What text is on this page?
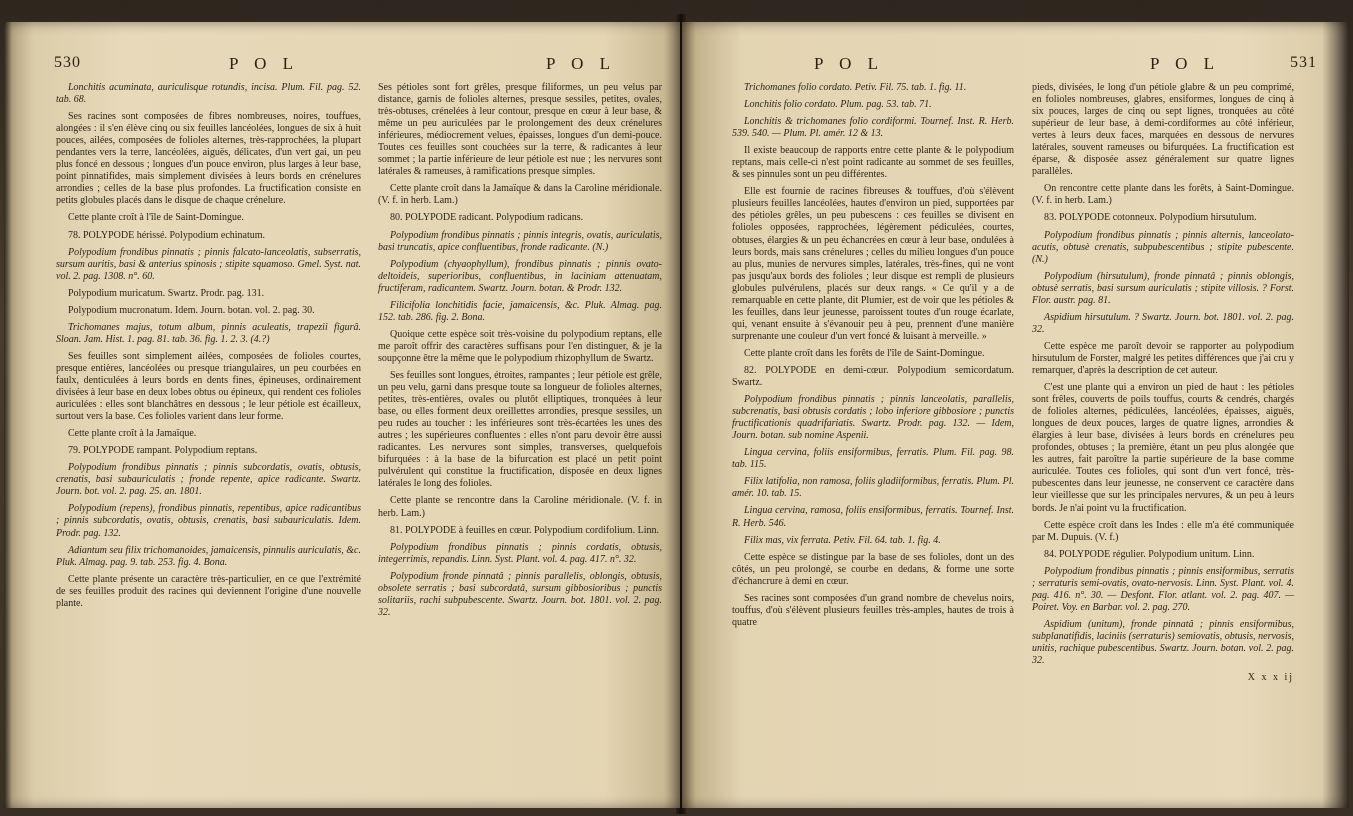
530	P O L	P O L

Lonchitis acuminata, auriculisque rotundis, incisa. Plum. Fil. pag. 52. tab. 68.

Ses racines sont composées de fibres nombreuses, noires, touffues, alongées : il s'en élève cinq ou six feuilles lancéolées, longues de six à huit pouces, ailées, composées de folioles alternes, très-rapprochées, la plupart pendantes vers la terre, lancéolées, aiguës, délicates, d'un vert gai, un peu plus foncé en dessous ; longues d'un pouce environ, plus larges à leur base, point pinnatifides, mais simplement divisées à leurs bords en crénelures arrondies ; celles de la base plus profondes. La fructification consiste en petits globules placés dans le disque de chaque crénelure.

Cette plante croît à l'île de Saint-Domingue.

78. POLYPODE hérissé. Polypodium echinatum.

Polypodium frondibus pinnatis ; pinnis falcato-lanceolatis, subserratis, sursum auritis, basi & anterius spinosis ; stipite squamoso. Gmel. Syst. nat. vol. 2. pag. 1308. n°. 60.

Polypodium muricatum. Swartz. Prodr. pag. 131.

Polypodium mucronatum. Idem. Journ. botan. vol. 2. pag. 30.

Trichomanes majus, totum album, pinnis aculeatis, trapezii figurâ. Sloan. Jam. Hist. 1. pag. 81. tab. 36. fig. 1. 2. 3. (4.?)

Ses feuilles sont simplement ailées, composées de folioles courtes, presque entières, lancéolées ou presque triangulaires, un peu courbées en faulx, denticulées à leurs bords en dents fines, épineuses, ordinairement divisées à leur base en deux lobes obtus ou épineux, qui rendent ces folioles auriculées : elles sont blanchâtres en dessous ; le leur pétiole est écailleux, surtout vers la base. Ces folioles varient dans leur forme.

Cette plante croît à la Jamaïque.

79. POLYPODE rampant. Polypodium reptans.

Polypodium frondibus pinnatis ; pinnis subcordatis, ovatis, obtusis, crenatis, basi subauriculatis ; fronde repente, apice radicante. Swartz. Journ. bot. vol. 2. pag. 25. an. 1801.

Polypodium (repens), frondibus pinnatis, repentibus, apice radicantibus ; pinnis subcordatis, ovatis, obtusis, crenatis, basi subauriculatis. Idem. Prodr. pag. 132.

Adiantum seu filix trichomanoides, jamaicensis, pinnulis auriculatis, &c. Pluk. Almag. pag. 9. tab. 253. fig. 4. Bona.

Cette plante présente un caractère très-particulier, en ce que l'extrémité de ses feuilles produit des racines qui deviennent l'origine d'une nouvelle plante.

Ses pétioles sont fort grêles, presque filiformes, un peu velus par distance, garnis de folioles alternes, presque sessiles, petites, ovales, très-obtuses, crénelées à leur contour, presque en cœur à leur base, & même un peu auriculées par le prolongement des deux crénelures inférieures, médiocrement velues, épaisses, longues d'un demi-pouce. Toutes ces feuilles sont couchées sur la terre, & radicantes à leur sommet ; la partie inférieure de leur pétiole est nue ; les nervures sont latérales & rameuses, à ramifications presque simples.

Cette plante croît dans la Jamaïque & dans la Caroline méridionale. (V. f. in herb. Lam.)

80. POLYPODE radicant. Polypodium radicans.

Polypodium frondibus pinnatis ; pinnis integris, ovatis, auriculatis, basi truncatis, apice confluentibus, fronde radicante. (N.)

Polypodium (chyaophyllum), frondibus pinnatis ; pinnis ovato-deltoideis, superioribus, confluentibus, in laciniam attenuatam, fructiferam, radicantem. Swartz. Journ. botan. & Prodr. 132.

Filicifolia lonchitidis facie, jamaicensis, &c. Pluk. Almag. pag. 152. tab. 286. fig. 2. Bona.

Quoique cette espèce soit très-voisine du polypodium reptans, elle me paroît offrir des caractères suffisans pour l'en distinguer, & je la soupçonne être la même que le polypodium rhizophyllum de Swartz.

Ses feuilles sont longues, étroites, rampantes ; leur pétiole est grêle, un peu velu, garni dans presque toute sa longueur de folioles alternes, petites, très-entières, ovales ou plutôt elliptiques, tronquées à leur base, ou elles forment deux oreillettes arrondies, presque sessiles, un peu rudes au toucher : les inférieures sont très-écartées les unes des autres ; les supérieures confluentes : elles n'ont paru devoir être aussi radicantes. Les nervures sont simples, transverses, quelquefois bifurquées : à la base de la bifurcation est placé un petit point pulvérulent qui constitue la fructification, disposée en deux lignes latérales le long des folioles.

Cette plante se rencontre dans la Caroline méridionale. (V. f. in herb. Lam.)

81. POLYPODE à feuilles en cœur. Polypodium cordifolium. Linn.

Polypodium frondibus pinnatis ; pinnis cordatis, obtusis, integerrimis, repandis. Linn. Syst. Plant. vol. 4. pag. 417. n°. 32.

Polypodium fronde pinnatâ ; pinnis parallelis, oblongis, obtusis, obsolete serratis ; basi subcordatâ, sursum gibbosioribus ; punctis solitariis, rachi subpubescente. Swartz. Journ. bot. 1801. vol. 2. pag. 32.

P O L	P O L	531

Trichomanes folio cordato. Petiv. Fil. 75. tab. 1. fig. 11.

Lonchitis folio cordato. Plum. pag. 53. tab. 71.

Lonchitis & trichomanes folio cordiformi. Tournef. Inst. R. Herb. 539. 540. — Plum. Pl. amér. 12 & 13.

Il existe beaucoup de rapports entre cette plante & le polypodium reptans, mais celle-ci n'est point radicante au sommet de ses feuilles, & ses pinnules sont un peu différentes.

Elle est fournie de racines fibreuses & touffues, d'où s'élèvent plusieurs feuilles lancéolées, hautes d'environ un pied, supportées par des pétioles grêles, un peu pubescens : ces feuilles se divisent en folioles opposées, rapprochées, légèrement pédiculées, courtes, obtuses, élargies & un peu échancrées en cœur à leur base, ondulées à leurs bords, mais sans crénelures ; celles du milieu longues d'un pouce au plus, munies de nervures simples, latérales, très-fines, qui ne vont pas jusqu'aux bords des folioles ; leur disque est rempli de plusieurs globules pulvérulens, placés sur deux rangs. « Ce qu'il y a de remarquable en cette plante, dit Plumier, est de voir que les pétioles & les feuilles, dans leur jeunesse, paroissent toutes d'un rouge écarlate, qui, venant ensuite à s'évanouir peu à peu, prennent d'une manière surprenante une couleur d'un vert foncé & luisant à merveille. »

Cette plante croît dans les forêts de l'île de Saint-Domingue.

82. POLYPODE en demi-cœur. Polypodium semicordatum. Swartz.

Polypodium frondibus pinnatis ; pinnis lanceolatis, parallelis, subcrenatis, basi obtusis cordatis ; lobo inferiore gibbosiore ; punctis fructificationis quadrifariatis. Swartz. Prodr. pag. 132. — Idem, Journ. botan. sub nomine Aspenii.

Lingua cervina, foliis ensiformibus, ferratis. Plum. Fil. pag. 98. tab. 115.

Filix latifolia, non ramosa, foliis gladiiformibus, ferratis. Plum. Pl. amér. 10. tab. 15.

Lingua cervina, ramosa, foliis ensiformibus, ferratis. Tournef. Inst. R. Herb. 546.

Filix mas, vix ferrata. Petiv. Fil. 64. tab. 1. fig. 4.

Cette espèce se distingue par la base de ses folioles, dont un des côtés, un peu prolongé, se courbe en dedans, & forme une sorte d'échancrure à demi en cœur.

Ses racines sont composées d'un grand nombre de chevelus noirs, touffus, d'où s'élèvent plusieurs feuilles très-amples, hautes de trois à quatre

pieds, divisées, le long d'un pétiole glabre & un peu comprimé, en folioles nombreuses, glabres, ensiformes, longues de cinq à six pouces, larges de cinq ou sept lignes, tronquées au côté supérieur de leur base, à demi-cordiformes au côté inférieur, vertes à leurs deux faces, marquées en dessous de nervures latérales, souvent rameuses ou bifurquées. La fructification est éparse, & disposée assez généralement sur quatre lignes parallèles.

On rencontre cette plante dans les forêts, à Saint-Domingue. (V. f. in herb. Lam.)

83. POLYPODE cotonneux. Polypodium hirsutulum.

Polypodium frondibus pinnatis ; pinnis alternis, lanceolato-acutis, obtusè crenatis, subpubescentibus ; stipite pubescente. (N.)

Polypodium (hirsutulum), fronde pinnatâ ; pinnis oblongis, obtusè serratis, basi sursum auriculatis ; stipite villosis. ? Forst. Flor. austr. pag. 81.

Aspidium hirsutulum. ? Swartz. Journ. bot. 1801. vol. 2. pag. 32.

Cette espèce me paroît devoir se rapporter au polypodium hirsutulum de Forster, malgré les petites différences que j'ai cru y remarquer, d'après la description de cet auteur.

C'est une plante qui a environ un pied de haut : les pétioles sont frêles, couverts de poils touffus, courts & cendrés, chargés de folioles alternes, pédiculées, lancéolées, épaisses, aiguës, longues de deux pouces, larges de quatre lignes, arrondies & élargies à leur base, divisées à leurs bords en crénelures peu profondes, obtuses ; la première, étant un peu plus alongée que les autres, fait paroître la partie supérieure de la base comme auriculée. Toutes ces folioles, qui sont d'un vert foncé, très-pubescentes dans leur jeunesse, ne conservent ce caractère dans leur vieillesse que sur les principales nervures, & un peu à leurs bords. Je n'ai point vu la fructification.

Cette espèce croît dans les Indes : elle m'a été communiquée par M. Dupuis. (V. f.)

84. POLYPODE régulier. Polypodium unitum. Linn.

Polypodium frondibus pinnatis ; pinnis ensiformibus, serratis ; serraturis semi-ovatis, ovato-nervosis. Linn. Syst. Plant. vol. 4. pag. 416. n°. 30. — Desfont. Flor. atlant. vol. 2. pag. 407. — Poiret. Voy. en Barbar. vol. 2. pag. 270.

Aspidium (unitum), fronde pinnatâ ; pinnis ensiformibus, subplanatifidis, laciniis (serraturis) semiovatis, obtusis, nervosis, unitis, rachique pubescentibus. Swartz. Journ. botan. vol. 2. pag. 32.

X x x ij
